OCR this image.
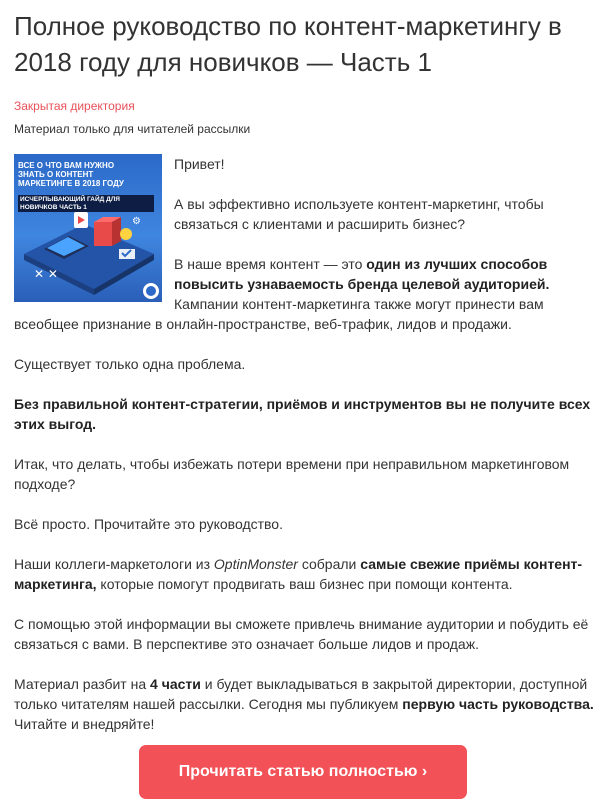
Полное руководство по контент-маркетингу в 2018 году для новичков — Часть 1
Закрытая директория
Материал только для читателей рассылки
✕ ✕
⚙
ВСЕ О ЧТО ВАМ НУЖНО ЗНАТЬ О КОНТЕНТ МАРКЕТИНГЕ В 2018 ГОДУ
ИСЧЕРПЫВАЮЩИЙ ГАЙД ДЛЯ НОВИЧКОВ ЧАСТЬ 1

Привет!

А вы эффективно используете контент-маркетинг, чтобы связаться с клиентами и расширить бизнес?

В наше время контент — это один из лучших способов повысить узнаваемость бренда целевой аудиторией. Кампании контент-маркетинга также могут принести вам всеобщее признание в онлайн-пространстве, веб-трафик, лидов и продажи.

Существует только одна проблема.

Без правильной контент-стратегии, приёмов и инструментов вы не получите всех этих выгод.

Итак, что делать, чтобы избежать потери времени при неправильном маркетинговом подходе?

Всё просто. Прочитайте это руководство.

Наши коллеги-маркетологи из OptinMonster собрали самые свежие приёмы контент-маркетинга, которые помогут продвигать ваш бизнес при помощи контента.

С помощью этой информации вы сможете привлечь внимание аудитории и побудить её связаться с вами. В перспективе это означает больше лидов и продаж.

Материал разбит на 4 части и будет выкладываться в закрытой директории, доступной только читателям нашей рассылки. Сегодня мы публикуем первую часть руководства. Читайте и внедряйте!

Прочитать статью полностью ›
